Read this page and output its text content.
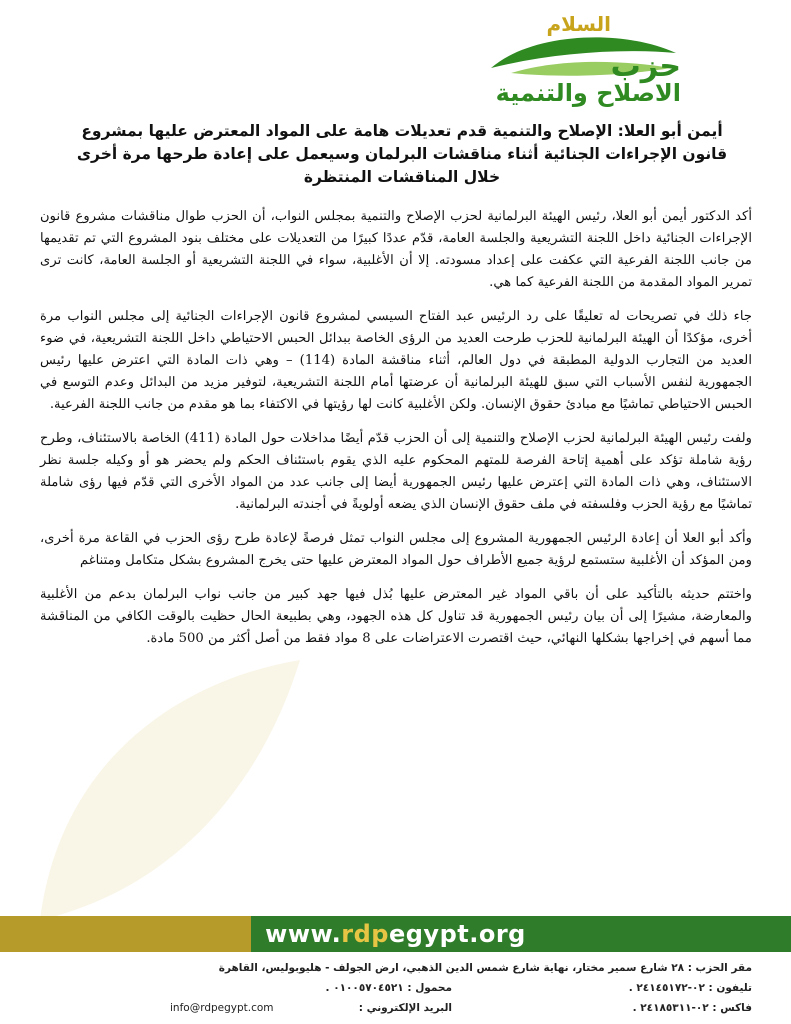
السلام
حزب
الاصلاح والتنمية
أيمن أبو العلا: الإصلاح والتنمية قدم تعديلات هامة على المواد المعترض عليها بمشروع قانون الإجراءات الجنائية أثناء مناقشات البرلمان وسيعمل على إعادة طرحها مرة أخرى خلال المناقشات المنتظرة

أكد الدكتور أيمن أبو العلا، رئيس الهيئة البرلمانية لحزب الإصلاح والتنمية بمجلس النواب، أن الحزب طوال مناقشات مشروع قانون الإجراءات الجنائية داخل اللجنة التشريعية والجلسة العامة، قدّم عددًا كبيرًا من التعديلات على مختلف بنود المشروع التي تم تقديمها من جانب اللجنة الفرعية التي عكفت على إعداد مسودته. إلا أن الأغلبية، سواء في اللجنة التشريعية أو الجلسة العامة، كانت ترى تمرير المواد المقدمة من اللجنة الفرعية كما هي.

جاء ذلك في تصريحات له تعليقًا على رد الرئيس عبد الفتاح السيسي لمشروع قانون الإجراءات الجنائية إلى مجلس النواب مرة أخرى، مؤكدًا أن الهيئة البرلمانية للحزب طرحت العديد من الرؤى الخاصة ببدائل الحبس الاحتياطي داخل اللجنة التشريعية، في ضوء العديد من التجارب الدولية المطبقة في دول العالم، أثناء مناقشة المادة (114) – وهي ذات المادة التي اعترض عليها رئيس الجمهورية لنفس الأسباب التي سبق للهيئة البرلمانية أن عرضتها أمام اللجنة التشريعية، لتوفير مزيد من البدائل وعدم التوسع في الحبس الاحتياطي تماشيًا مع مبادئ حقوق الإنسان. ولكن الأغلبية كانت لها رؤيتها في الاكتفاء بما هو مقدم من جانب اللجنة الفرعية.

ولفت رئيس الهيئة البرلمانية لحزب الإصلاح والتنمية إلى أن الحزب قدّم أيضًا مداخلات حول المادة (411) الخاصة بالاستئناف، وطرح رؤية شاملة تؤكد على أهمية إتاحة الفرصة للمتهم المحكوم عليه الذي يقوم باستئناف الحكم ولم يحضر هو أو وكيله جلسة نظر الاستئناف، وهي ذات المادة التي إعترض عليها رئيس الجمهورية أيضا إلى جانب عدد من المواد الأخرى التي قدّم فيها رؤى شاملة تماشيًا مع رؤية الحزب وفلسفته في ملف حقوق الإنسان الذي يضعه أولويةً في أجندته البرلمانية.

وأكد أبو العلا أن إعادة الرئيس الجمهورية المشروع إلى مجلس النواب تمثل فرصةً لإعادة طرح رؤى الحزب في القاعة مرة أخرى، ومن المؤكد أن الأغلبية ستستمع لرؤية جميع الأطراف حول المواد المعترض عليها حتى يخرج المشروع بشكل متكامل ومتناغم

واختتم حديثه بالتأكيد على أن باقي المواد غير المعترض عليها بُذل فيها جهد كبير من جانب نواب البرلمان بدعم من الأغلبية والمعارضة، مشيرًا إلى أن بيان رئيس الجمهورية قد تناول كل هذه الجهود، وهي بطبيعة الحال حظيت بالوقت الكافي من المناقشة مما أسهم في إخراجها بشكلها النهائي، حيث اقتصرت الاعتراضات على 8 مواد فقط من أصل أكثر من 500 مادة.

www.rdpegypt.org
مقر الحزب : ٢٨ شارع سمير مختار، نهاية شارع شمس الدين الذهبي، ارض الجولف - هليوبوليس، القاهرة
تليفون : ٠٢-٢٤١٤٥١٧٢ .
محمول : ٠١٠٠٥٧٠٤٥٢١ .
فاكس : ٠٢-٢٤١٨٥٣١١ .
البريد الإلكتروني :
info@rdpegypt.com
